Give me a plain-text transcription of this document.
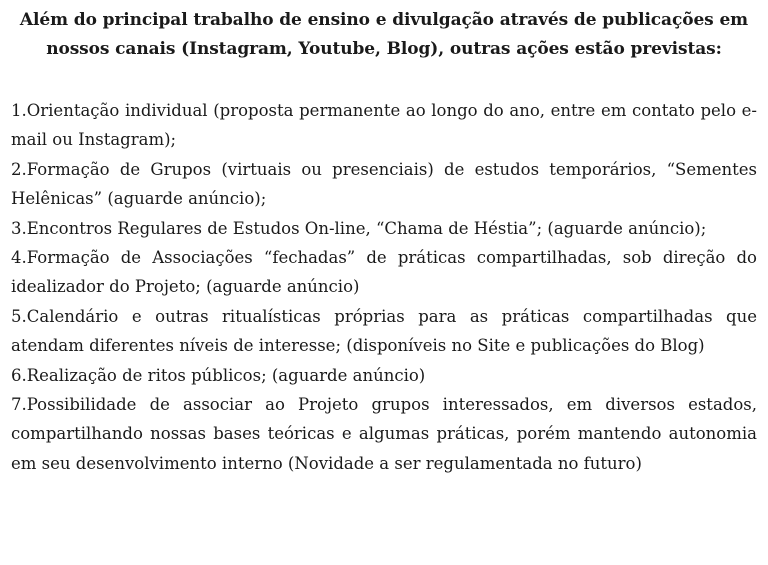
Além do principal trabalho de ensino e divulgação através de publicações em nossos canais (Instagram, Youtube, Blog), outras ações estão previstas:

1.Orientação individual (proposta permanente ao longo do ano, entre em contato pelo e-mail ou Instagram);
2.Formação de Grupos (virtuais ou presenciais) de estudos temporários, “Sementes Helênicas” (aguarde anúncio);
3.Encontros Regulares de Estudos On-line, “Chama de Héstia”; (aguarde anúncio);
4.Formação de Associações “fechadas” de práticas compartilhadas, sob direção do idealizador do Projeto; (aguarde anúncio)
5.Calendário e outras ritualísticas próprias para as práticas compartilhadas que atendam diferentes níveis de interesse; (disponíveis no Site e publicações do Blog)
6.Realização de ritos públicos; (aguarde anúncio)
7.Possibilidade de associar ao Projeto grupos interessados, em diversos estados, compartilhando nossas bases teóricas e algumas práticas, porém mantendo autonomia em seu desenvolvimento interno (Novidade a ser regulamentada no futuro)
